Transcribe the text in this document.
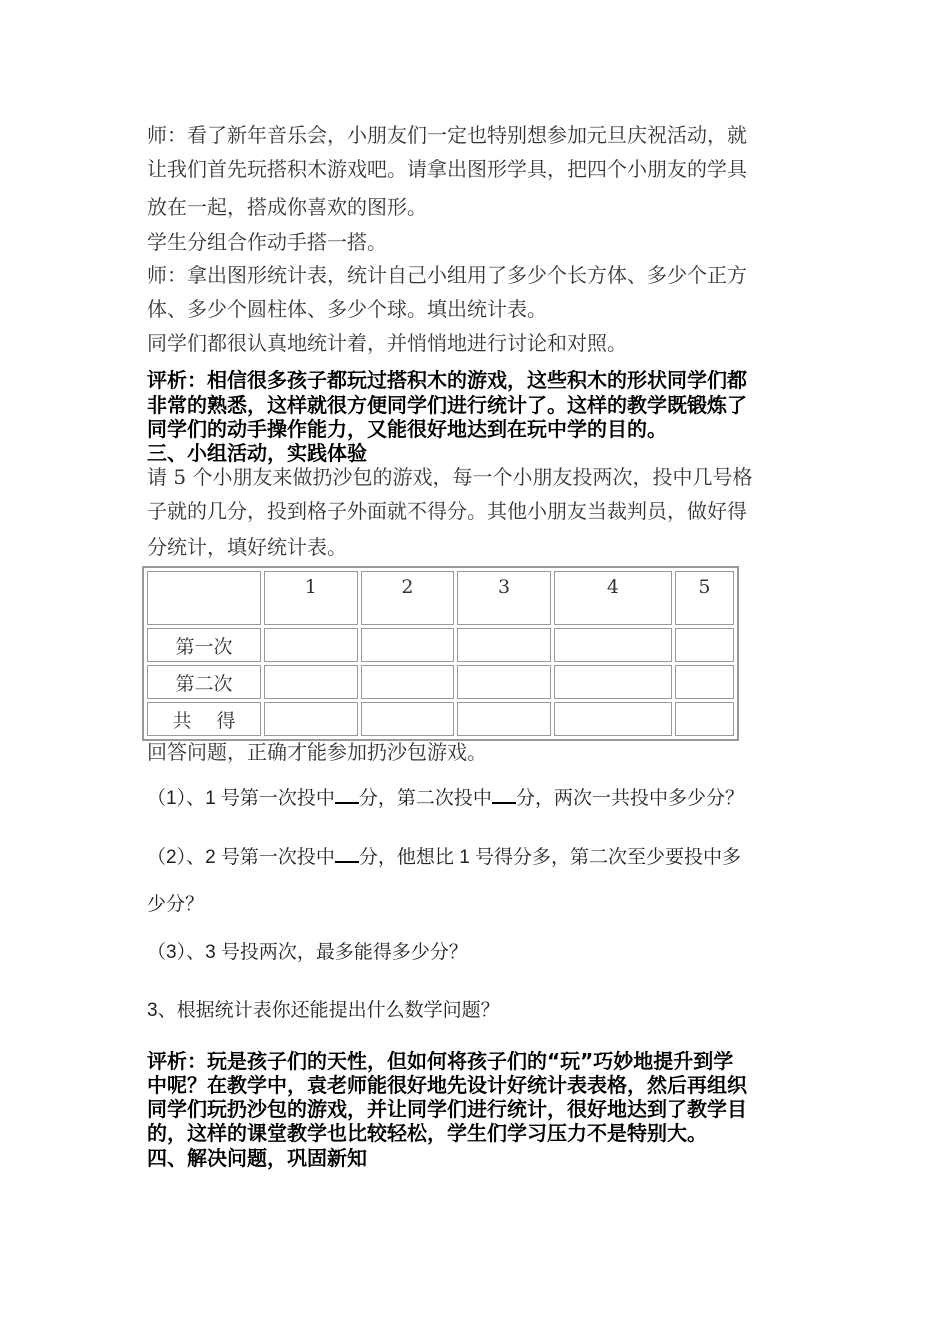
师：看了新年音乐会，小朋友们一定也特别想参加元旦庆祝活动，就

让我们首先玩搭积木游戏吧。请拿出图形学具，把四个小朋友的学具

放在一起，搭成你喜欢的图形。

学生分组合作动手搭一搭。

师：拿出图形统计表，统计自己小组用了多少个长方体、多少个正方

体、多少个圆柱体、多少个球。填出统计表。

同学们都很认真地统计着，并悄悄地进行讨论和对照。

评析：相信很多孩子都玩过搭积木的游戏，这些积木的形状同学们都

非常的熟悉，这样就很方便同学们进行统计了。这样的教学既锻炼了

同学们的动手操作能力，又能很好地达到在玩中学的目的。

三、小组活动，实践体验

请 5 个小朋友来做扔沙包的游戏，每一个小朋友投两次，投中几号格

子就的几分，投到格子外面就不得分。其他小朋友当裁判员，做好得

分统计，填好统计表。

	1	2	3	4	5
第一次					
第二次					
共　 得					

回答问题，正确才能参加扔沙包游戏。

（1）、1 号第一次投中 分，第二次投中 分，两次一共投中多少分？

（2）、2 号第一次投中 分，他想比 1 号得分多，第二次至少要投中多

少分？

（3）、3 号投两次，最多能得多少分？

3、根据统计表你还能提出什么数学问题？

评析：玩是孩子们的天性，但如何将孩子们的“玩”巧妙地提升到学

中呢？在教学中，袁老师能很好地先设计好统计表表格，然后再组织

同学们玩扔沙包的游戏，并让同学们进行统计，很好地达到了教学目

的，这样的课堂教学也比较轻松，学生们学习压力不是特别大。

四、解决问题，巩固新知
